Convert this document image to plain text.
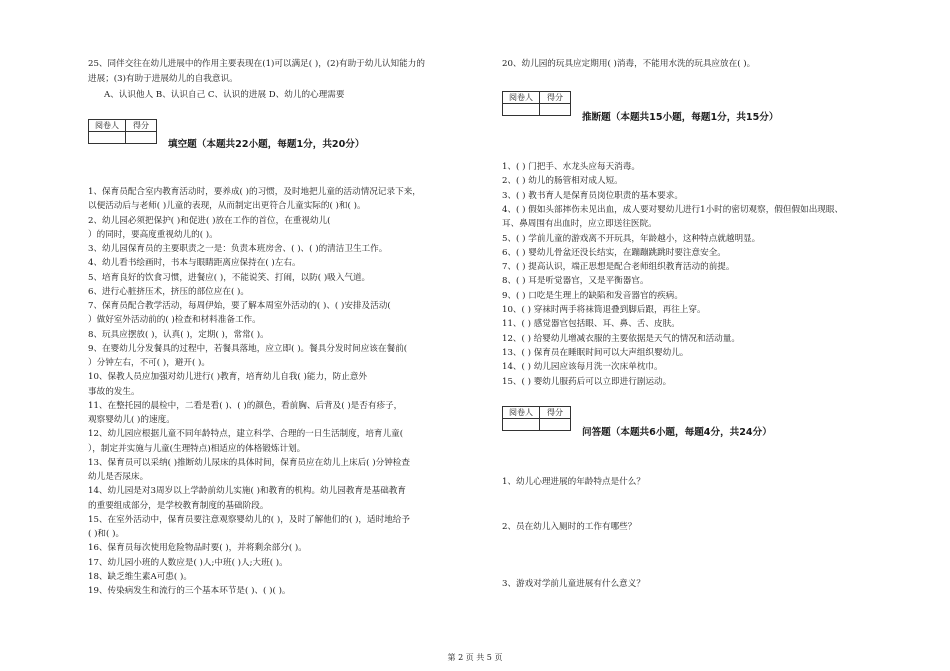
25、同伴交往在幼儿进展中的作用主要表现在(1)可以满足( )，(2)有助于幼儿认知能力的
进展；(3)有助于进展幼儿的自我意识。
A、认识他人 B、认识自己 C、认识的进展 D、幼儿的心理需要
阅卷人	得分

填空题（本题共22小题，每题1分，共20分）
1、保育员配合室内教育活动时，要养成( )的习惯，及时地把儿童的活动情况记录下来，
以便活动后与老师( )儿童的表现，从而制定出更符合儿童实际的( )和( )。
2、幼儿园必须把保护( )和促进( )放在工作的首位，在重视幼儿(
）的同时，要高度重视幼儿的( )。
3、幼儿园保育员的主要职责之一是：负责本班房舍、( )、( )的清洁卫生工作。
4、幼儿看书绘画时，书本与眼睛距离应保持在( )左右。
5、培育良好的饮食习惯，进餐应( )，不能说笑、打闹，以防( )吸入气道。
6、进行心脏挤压术，挤压的部位应在( )。
7、保育员配合教学活动，每周伊始，要了解本周室外活动的( )、( )安排及活动(
）做好室外活动前的( )检查和材料准备工作。
8、玩具应摆放( )，认真( )，定期( )，常常( )。
9、在婴幼儿分发餐具的过程中，若餐具落地，应立即( )。餐具分发时间应该在餐前(
）分钟左右，不可( )，避开( )。
10、保教人员应加强对幼儿进行( )教育，培育幼儿自我( )能力，防止意外
事故的发生。
11、在整托园的晨检中，二看是看( )、( )的颜色，看前胸、后背及( )是否有疹子，
观察婴幼儿( )的速度。
12、幼儿园应根据儿童不同年龄特点，建立科学、合理的一日生活制度，培育儿童(
），制定并实施与儿童(生理特点)相适应的体格锻炼计划。
13、保育员可以采纳( )推断幼儿尿床的具体时间，保育员应在幼儿上床后( )分钟检查
幼儿是否尿床。
14、幼儿园是对3周岁以上学龄前幼儿实施( )和教育的机构。幼儿园教育是基础教育
的重要组成部分，是学校教育制度的基础阶段。
15、在室外活动中，保育员要注意观察婴幼儿的( )，及时了解他们的( )，适时地给予
( )和( )。
16、保育员每次使用危险物品时要( )，并将剩余部分( )。
17、幼儿园小班的人数应是( )人;中班( )人;大班( )。
18、缺乏维生素A可患( )。
19、传染病发生和流行的三个基本环节是( )、( )( )。
20、幼儿园的玩具应定期用( )消毒，不能用水洗的玩具应放在( )。
阅卷人	得分

推断题（本题共15小题，每题1分，共15分）
1、( ) 门把手、水龙头应每天消毒。
2、( ) 幼儿的肠管相对成人短。
3、( ) 教书育人是保育员岗位职责的基本要求。
4、( ) 假如头部摔伤未见出血，成人要对婴幼儿进行1小时的密切观察，假但假如出现眼、
耳、鼻周围有出血时，应立即送往医院。
5、( ) 学前儿童的游戏离不开玩具，年龄越小，这种特点就越明显。
6、( ) 婴幼儿骨盆还没长结实，在蹦蹦跳跳时要注意安全。
7、( ) 提高认识，端正思想是配合老师组织教育活动的前提。
8、( ) 耳是听觉器官，又是平衡器官。
9、( ) 口吃是生理上的缺陷和发音器官的疾病。
10、( ) 穿袜时两手将袜筒退叠到脚后跟，再往上穿。
11、( ) 感觉器官包括眼、耳、鼻、舌、皮肤。
12、( ) 给婴幼儿增减衣服的主要依据是天气的情况和活动量。
13、( ) 保育员在睡眠时间可以大声组织婴幼儿。
14、( ) 幼儿园应该每月洗一次床单枕巾。
15、( ) 婴幼儿服药后可以立即进行剧运动。
阅卷人	得分

问答题（本题共6小题，每题4分，共24分）
1、幼儿心理进展的年龄特点是什么？
2、员在幼儿入厕时的工作有哪些？
3、游戏对学前儿童进展有什么意义？
第 2 页 共 5 页
